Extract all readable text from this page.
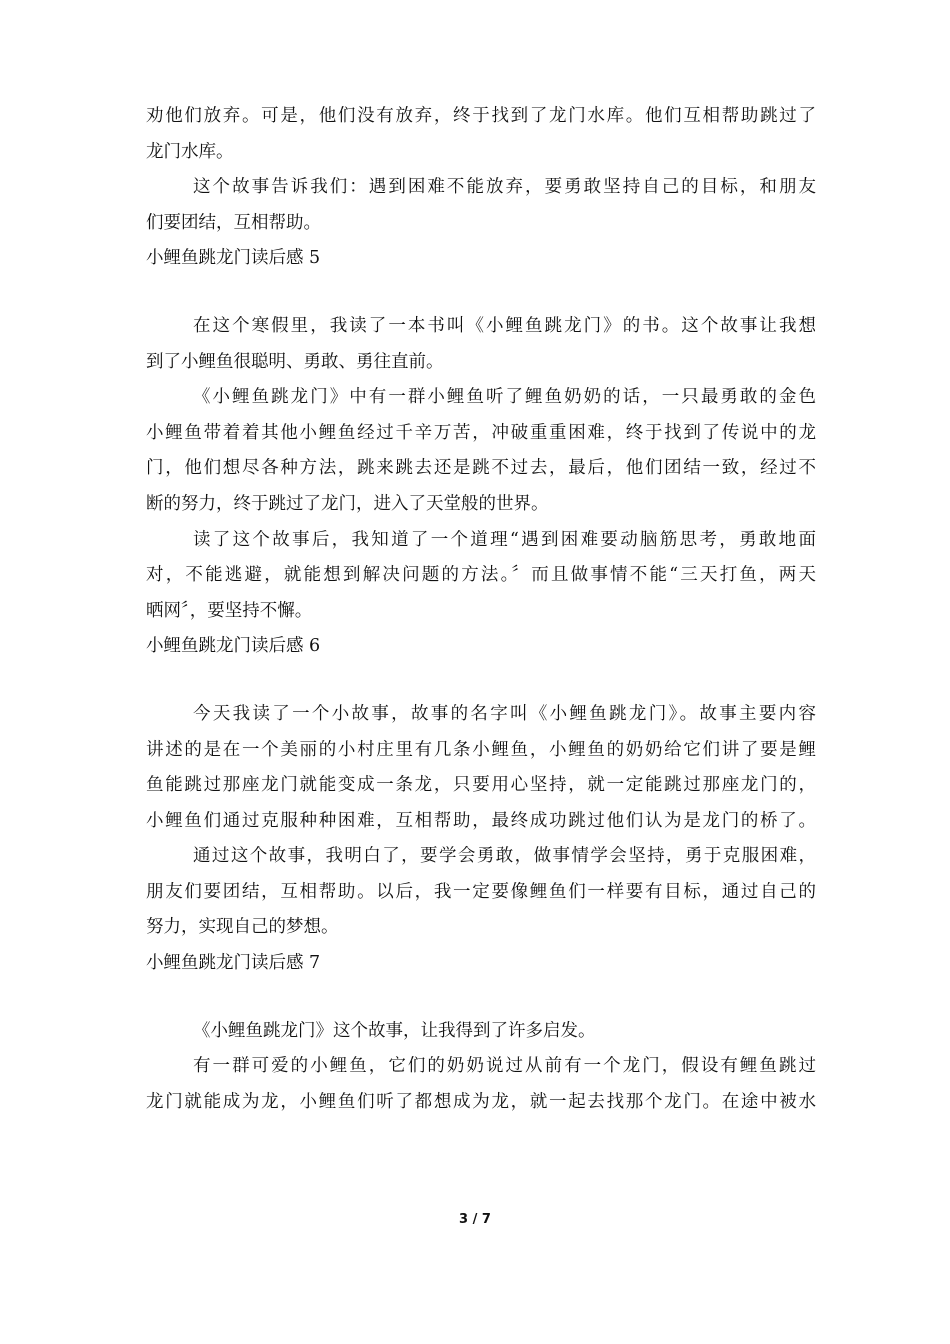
劝他们放弃。可是，他们没有放弃，终于找到了龙门水库。他们互相帮助跳过了
龙门水库。
这个故事告诉我们：遇到困难不能放弃，要勇敢坚持自己的目标，和朋友
们要团结，互相帮助。
小鲤鱼跳龙门读后感 5
在这个寒假里，我读了一本书叫《小鲤鱼跳龙门》的书。这个故事让我想
到了小鲤鱼很聪明、勇敢、勇往直前。
《小鲤鱼跳龙门》中有一群小鲤鱼听了鲤鱼奶奶的话，一只最勇敢的金色
小鲤鱼带着着其他小鲤鱼经过千辛万苦，冲破重重困难，终于找到了传说中的龙
门，他们想尽各种方法，跳来跳去还是跳不过去，最后，他们团结一致，经过不
断的努力，终于跳过了龙门，进入了天堂般的世界。
读了这个故事后，我知道了一个道理“遇到困难要动脑筋思考，勇敢地面
对，不能逃避，就能想到解决问题的方法。〞而且做事情不能“三天打鱼，两天
晒网〞，要坚持不懈。
小鲤鱼跳龙门读后感 6
今天我读了一个小故事，故事的名字叫《小鲤鱼跳龙门》。故事主要内容
讲述的是在一个美丽的小村庄里有几条小鲤鱼，小鲤鱼的奶奶给它们讲了要是鲤
鱼能跳过那座龙门就能变成一条龙，只要用心坚持，就一定能跳过那座龙门的，
小鲤鱼们通过克服种种困难，互相帮助，最终成功跳过他们认为是龙门的桥了。
通过这个故事，我明白了，要学会勇敢，做事情学会坚持，勇于克服困难，
朋友们要团结，互相帮助。以后，我一定要像鲤鱼们一样要有目标，通过自己的
努力，实现自己的梦想。
小鲤鱼跳龙门读后感 7
《小鲤鱼跳龙门》这个故事，让我得到了许多启发。
有一群可爱的小鲤鱼，它们的奶奶说过从前有一个龙门，假设有鲤鱼跳过
龙门就能成为龙，小鲤鱼们听了都想成为龙，就一起去找那个龙门。在途中被水
3 / 7
